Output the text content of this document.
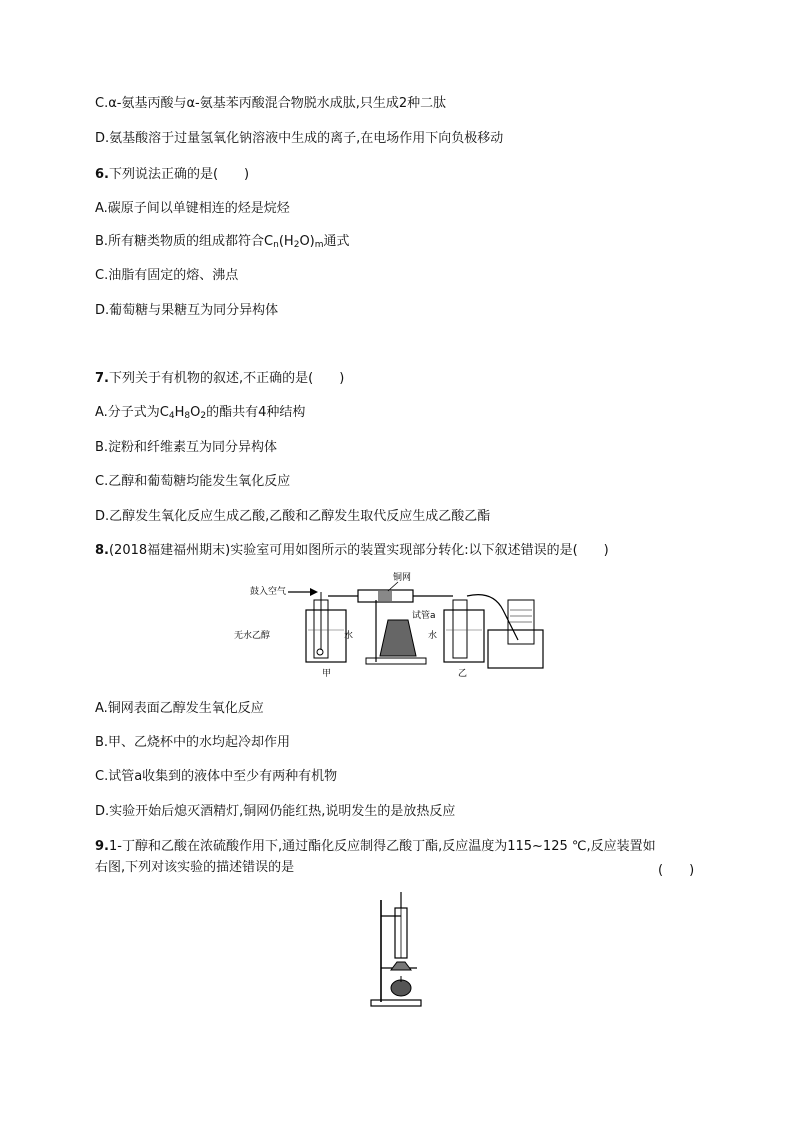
C.α-氨基丙酸与α-氨基苯丙酸混合物脱水成肽,只生成2种二肽
D.氨基酸溶于过量氢氧化钠溶液中生成的离子,在电场作用下向负极移动
6.下列说法正确的是(　　)
A.碳原子间以单键相连的烃是烷烃
B.所有糖类物质的组成都符合$C_n(H_2O)_m$通式
C.油脂有固定的熔、沸点
D.葡萄糖与果糖互为同分异构体
7.下列关于有机物的叙述,不正确的是(　　)
A.分子式为$C_4H_8O_2$的酯共有4种结构
B.淀粉和纤维素互为同分异构体
C.乙醇和葡萄糖均能发生氧化反应
D.乙醇发生氧化反应生成乙酸,乙酸和乙醇发生取代反应生成乙酸乙酯
8.(2018福建福州期末)实验室可用如图所示的装置实现部分转化:以下叙述错误的是(　　)
鼓入空气
无水乙醇	水
甲
铜网
试管a
水
乙
A.铜网表面乙醇发生氧化反应
B.甲、乙烧杯中的水均起冷却作用
C.试管a收集到的液体中至少有两种有机物
D.实验开始后熄灭酒精灯,铜网仍能红热,说明发生的是放热反应
9.1-丁醇和乙酸在浓硫酸作用下,通过酯化反应制得乙酸丁酯,反应温度为115~125 ℃,反应装置如
右图,下列对该实验的描述错误的是	(　　)
